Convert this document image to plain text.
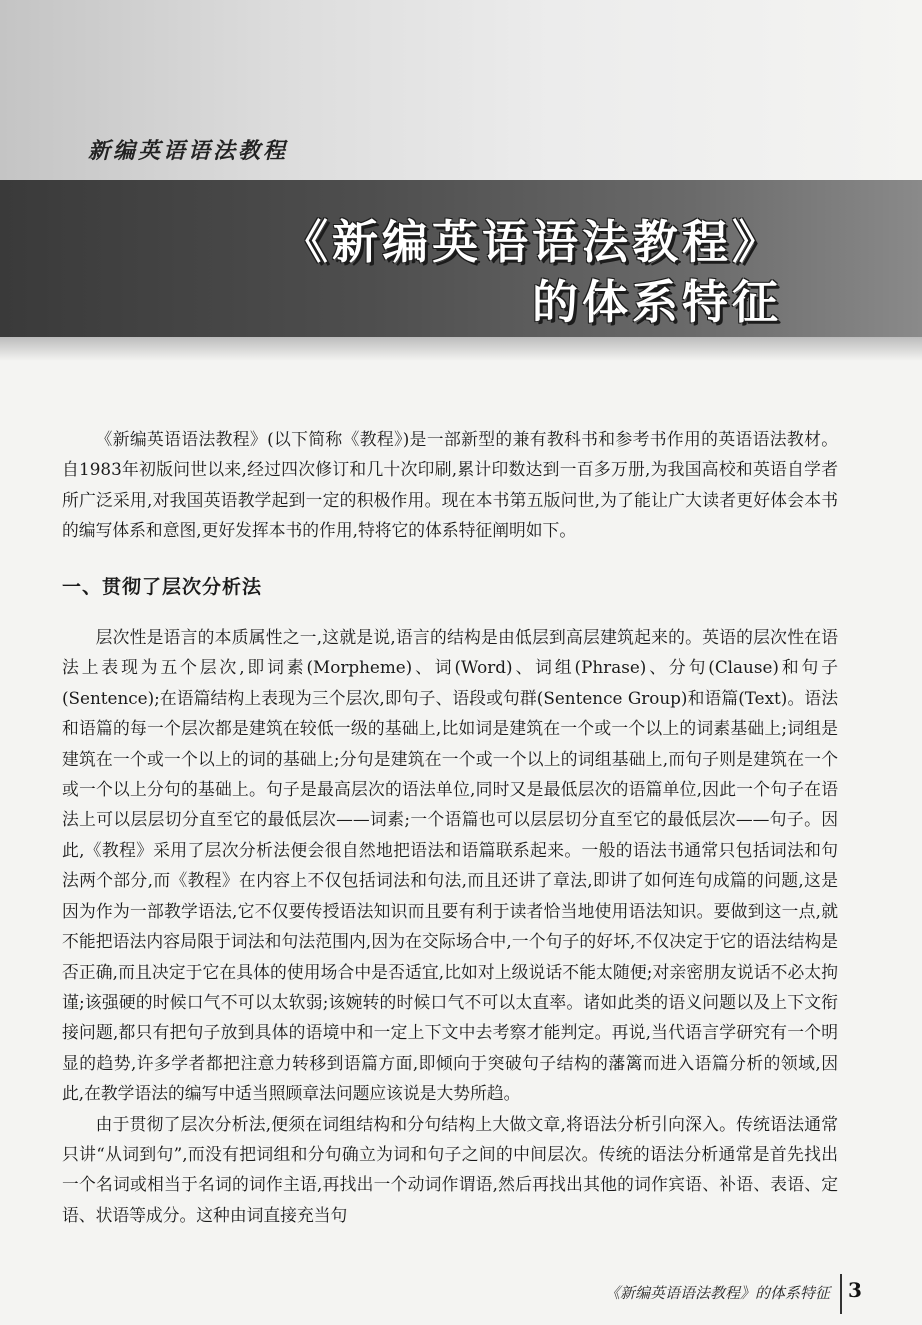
新编英语语法教程
《新编英语语法教程》
的体系特征

《新编英语语法教程》(以下简称《教程》)是一部新型的兼有教科书和参考书作用的英语语法教材。自1983年初版问世以来,经过四次修订和几十次印刷,累计印数达到一百多万册,为我国高校和英语自学者所广泛采用,对我国英语教学起到一定的积极作用。现在本书第五版问世,为了能让广大读者更好体会本书的编写体系和意图,更好发挥本书的作用,特将它的体系特征阐明如下。

一、贯彻了层次分析法

层次性是语言的本质属性之一,这就是说,语言的结构是由低层到高层建筑起来的。英语的层次性在语法上表现为五个层次,即词素(Morpheme)、词(Word)、词组(Phrase)、分句(Clause)和句子(Sentence);在语篇结构上表现为三个层次,即句子、语段或句群(Sentence Group)和语篇(Text)。语法和语篇的每一个层次都是建筑在较低一级的基础上,比如词是建筑在一个或一个以上的词素基础上;词组是建筑在一个或一个以上的词的基础上;分句是建筑在一个或一个以上的词组基础上,而句子则是建筑在一个或一个以上分句的基础上。句子是最高层次的语法单位,同时又是最低层次的语篇单位,因此一个句子在语法上可以层层切分直至它的最低层次——词素;一个语篇也可以层层切分直至它的最低层次——句子。因此,《教程》采用了层次分析法便会很自然地把语法和语篇联系起来。一般的语法书通常只包括词法和句法两个部分,而《教程》在内容上不仅包括词法和句法,而且还讲了章法,即讲了如何连句成篇的问题,这是因为作为一部教学语法,它不仅要传授语法知识而且要有利于读者恰当地使用语法知识。要做到这一点,就不能把语法内容局限于词法和句法范围内,因为在交际场合中,一个句子的好坏,不仅决定于它的语法结构是否正确,而且决定于它在具体的使用场合中是否适宜,比如对上级说话不能太随便;对亲密朋友说话不必太拘谨;该强硬的时候口气不可以太软弱;该婉转的时候口气不可以太直率。诸如此类的语义问题以及上下文衔接问题,都只有把句子放到具体的语境中和一定上下文中去考察才能判定。再说,当代语言学研究有一个明显的趋势,许多学者都把注意力转移到语篇方面,即倾向于突破句子结构的藩篱而进入语篇分析的领域,因此,在教学语法的编写中适当照顾章法问题应该说是大势所趋。

由于贯彻了层次分析法,便须在词组结构和分句结构上大做文章,将语法分析引向深入。传统语法通常只讲“从词到句”,而没有把词组和分句确立为词和句子之间的中间层次。传统的语法分析通常是首先找出一个名词或相当于名词的词作主语,再找出一个动词作谓语,然后再找出其他的词作宾语、补语、表语、定语、状语等成分。这种由词直接充当句

《新编英语语法教程》的体系特征 3
